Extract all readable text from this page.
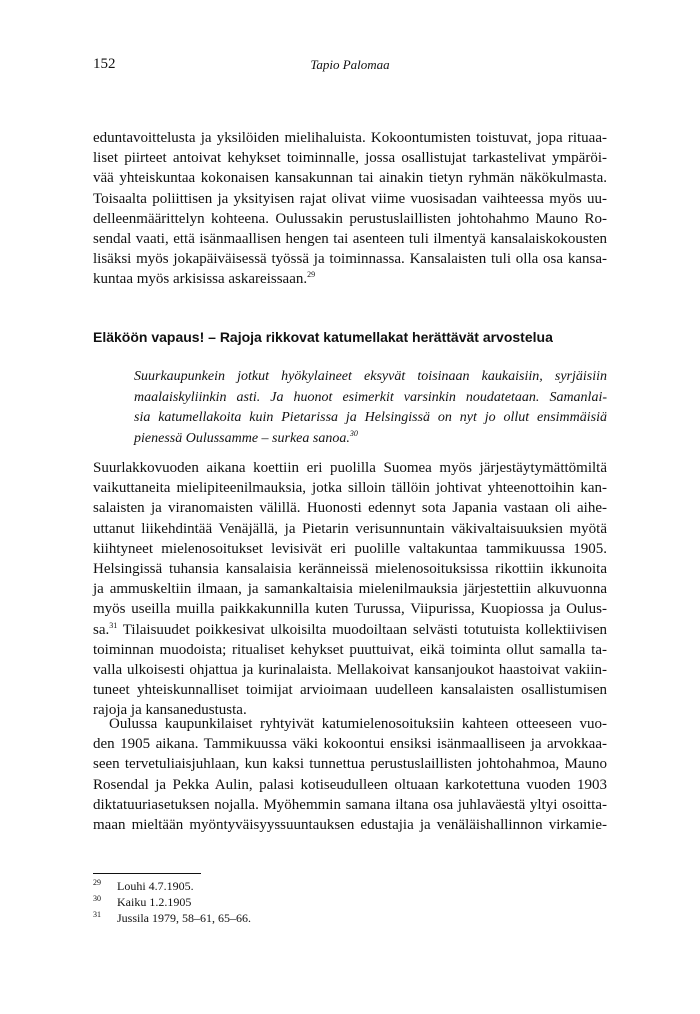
152	Tapio Palomaa
eduntavoittelusta ja yksilöiden mielihaluista. Kokoontumisten toistuvat, jopa rituaa-
liset piirteet antoivat kehykset toiminnalle, jossa osallistujat tarkastelivat ympäröi-
vää yhteiskuntaa kokonaisen kansakunnan tai ainakin tietyn ryhmän näkökulmasta.
Toisaalta poliittisen ja yksityisen rajat olivat viime vuosisadan vaihteessa myös uu-
delleenmäärittelyn kohteena. Oulussakin perustuslaillisten johtohahmo Mauno Ro-
sendal vaati, että isänmaallisen hengen tai asenteen tuli ilmentyä kansalaiskokousten
lisäksi myös jokapäiväisessä työssä ja toiminnassa. Kansalaisten tuli olla osa kansa-
kuntaa myös arkisissa askareissaan.$^{29}$
Eläköön vapaus! – Rajoja rikkovat katumellakat herättävät arvostelua
Suurkaupunkein jotkut hyökylaineet eksyvät toisinaan kaukaisiin, syrjäisiin
maalaiskyliinkin asti. Ja huonot esimerkit varsinkin noudatetaan. Samanlai-
sia katumellakoita kuin Pietarissa ja Helsingissä on nyt jo ollut ensimmäisiä
pienessä Oulussamme – surkea sanoa.$^{30}$
Suurlakkovuoden aikana koettiin eri puolilla Suomea myös järjestäytymättömiltä
vaikuttaneita mielipiteenilmauksia, jotka silloin tällöin johtivat yhteenottoihin kan-
salaisten ja viranomaisten välillä. Huonosti edennyt sota Japania vastaan oli aihe-
uttanut liikehdintää Venäjällä, ja Pietarin verisunnuntain väkivaltaisuuksien myötä
kiihtyneet mielenosoitukset levisivät eri puolille valtakuntaa tammikuussa 1905.
Helsingissä tuhansia kansalaisia keränneissä mielenosoituksissa rikottiin ikkunoita
ja ammuskeltiin ilmaan, ja samankaltaisia mielenilmauksia järjestettiin alkuvuonna
myös useilla muilla paikkakunnilla kuten Turussa, Viipurissa, Kuopiossa ja Oulus-
sa.$^{31}$ Tilaisuudet poikkesivat ulkoisilta muodoiltaan selvästi totutuista kollektiivisen
toiminnan muodoista; ritualiset kehykset puuttuivat, eikä toiminta ollut samalla ta-
valla ulkoisesti ohjattua ja kurinalaista. Mellakoivat kansanjoukot haastoivat vakiin-
tuneet yhteiskunnalliset toimijat arvioimaan uudelleen kansalaisten osallistumisen
rajoja ja kansanedustusta.
Oulussa kaupunkilaiset ryhtyivät katumielenosoituksiin kahteen otteeseen vuo-
den 1905 aikana. Tammikuussa väki kokoontui ensiksi isänmaalliseen ja arvokkaa-
seen tervetuliaisjuhlaan, kun kaksi tunnettua perustuslaillisten johtohahmoa, Mauno
Rosendal ja Pekka Aulin, palasi kotiseudulleen oltuaan karkotettuna vuoden 1903
diktatuuriasetuksen nojalla. Myöhemmin samana iltana osa juhlaväestä yltyi osoitta-
maan mieltään myöntyväisyyssuuntauksen edustajia ja venäläishallinnon virkamie-
29	Louhi 4.7.1905.
30	Kaiku 1.2.1905
31	Jussila 1979, 58–61, 65–66.
